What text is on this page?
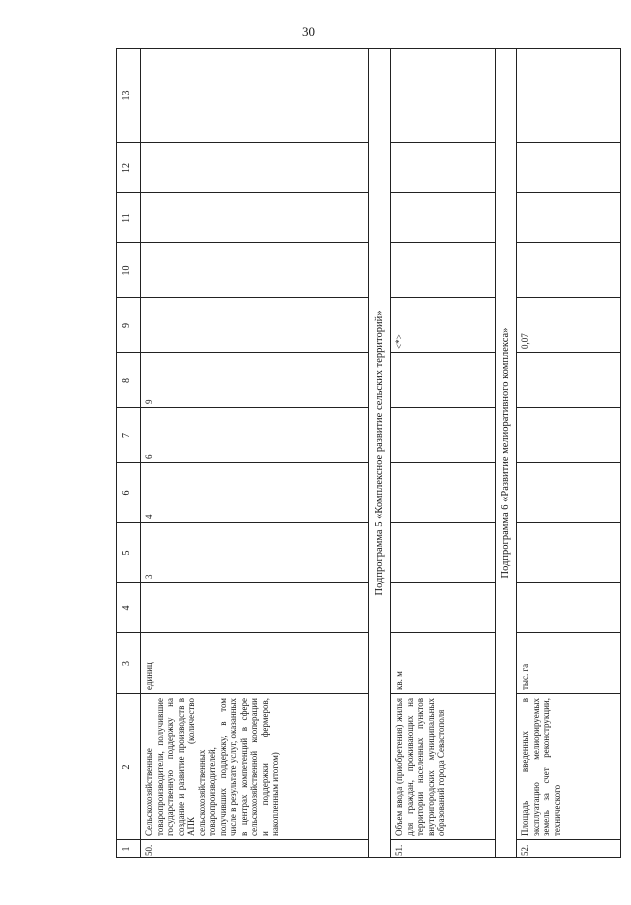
30
1
2
3
4
5
6
7
8
9
10
11
12
13
50.
Сельскохозяйственные товаропроизводители, получившие государственную поддержку на создание и развитие производств в АПК (количество сельскохозяйственных товаропроизводителей, получивших поддержку, в том числе в результате услуг, оказанных в центрах компетенций в сфере сельскохозяйственной кооперации и поддержки фермеров, накопленным итогом)
единиц
3
4
6
9	Подпрограмма 5 «Комплексное развитие сельских территорий»
51.
Объем ввода (приобретения) жилья для граждан, проживающих на территории населенных пунктов внутригородских муниципальных образований города Севастополя
кв. м
<*>	Подпрограмма 6 «Развитие мелиоративного комплекса»
52.
Площадь введенных в эксплуатацию мелиорируемых земель за счет реконструкции, технического
тыс. га
0,07
